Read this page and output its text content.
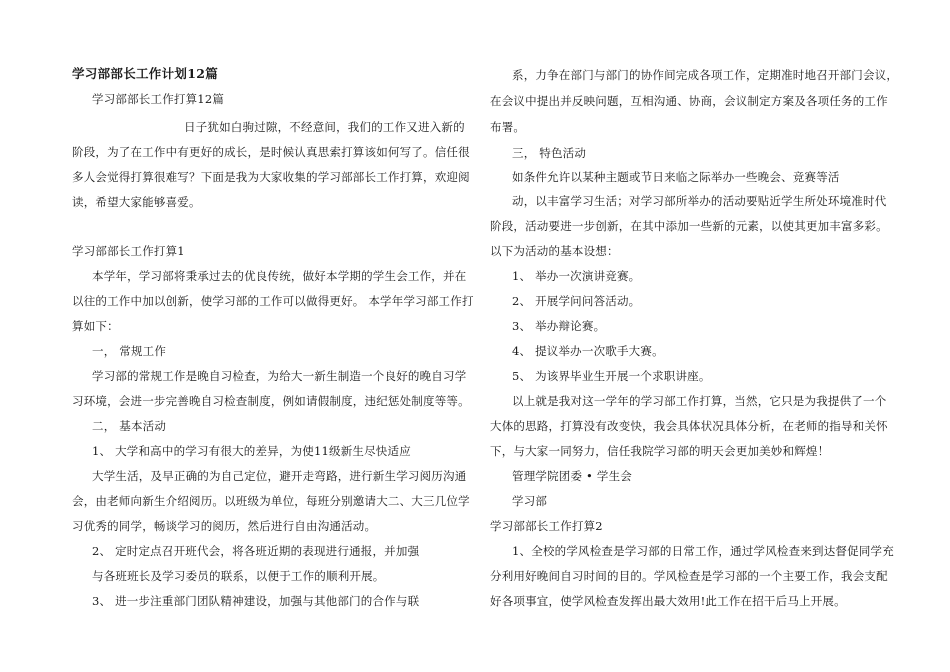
学习部部长工作计划12篇
学习部部长工作打算12篇
日子犹如白驹过隙，不经意间，我们的工作又进入新的
阶段，为了在工作中有更好的成长，是时候认真思索打算该如何写了。信任很
多人会觉得打算很难写？下面是我为大家收集的学习部部长工作打算，欢迎阅
读，希望大家能够喜爱。
学习部部长工作打算1
本学年，学习部将秉承过去的优良传统，做好本学期的学生会工作，并在
以往的工作中加以创新，使学习部的工作可以做得更好。 本学年学习部工作打
算如下：
一， 常规工作
学习部的常规工作是晚自习检查，为给大一新生制造一个良好的晚自习学
习环境，会进一步完善晚自习检查制度，例如请假制度，违纪惩处制度等等。
二， 基本活动
1、 大学和高中的学习有很大的差异，为使11级新生尽快适应
大学生活，及早正确的为自己定位，避开走弯路，进行新生学习阅历沟通
会，由老师向新生介绍阅历。以班级为单位，每班分别邀请大二、大三几位学
习优秀的同学，畅谈学习的阅历，然后进行自由沟通活动。
2、 定时定点召开班代会，将各班近期的表现进行通报，并加强
与各班班长及学习委员的联系，以便于工作的顺利开展。
3、 进一步注重部门团队精神建设，加强与其他部门的合作与联
系，力争在部门与部门的协作间完成各项工作，定期准时地召开部门会议，
在会议中提出并反映问题，互相沟通、协商，会议制定方案及各项任务的工作
布署。
三， 特色活动
如条件允许以某种主题或节日来临之际举办一些晚会、竞赛等活
动，以丰富学习生活；对学习部所举办的活动要贴近学生所处环境准时代
阶段，活动要进一步创新，在其中添加一些新的元素，以使其更加丰富多彩。
以下为活动的基本设想：
1、 举办一次演讲竞赛。
2、 开展学问问答活动。
3、 举办辩论赛。
4、 提议举办一次歌手大赛。
5、 为该界毕业生开展一个求职讲座。
以上就是我对这一学年的学习部工作打算，当然，它只是为我提供了一个
大体的思路，打算没有改变快，我会具体状况具体分析，在老师的指导和关怀
下，与大家一同努力，信任我院学习部的明天会更加美妙和辉煌！
管理学院团委 • 学生会
学习部
学习部部长工作打算2
1、全校的学风检查是学习部的日常工作，通过学风检查来到达督促同学充
分利用好晚间自习时间的目的。学风检查是学习部的一个主要工作，我会支配
好各项事宜，使学风检查发挥出最大效用!此工作在招干后马上开展。
